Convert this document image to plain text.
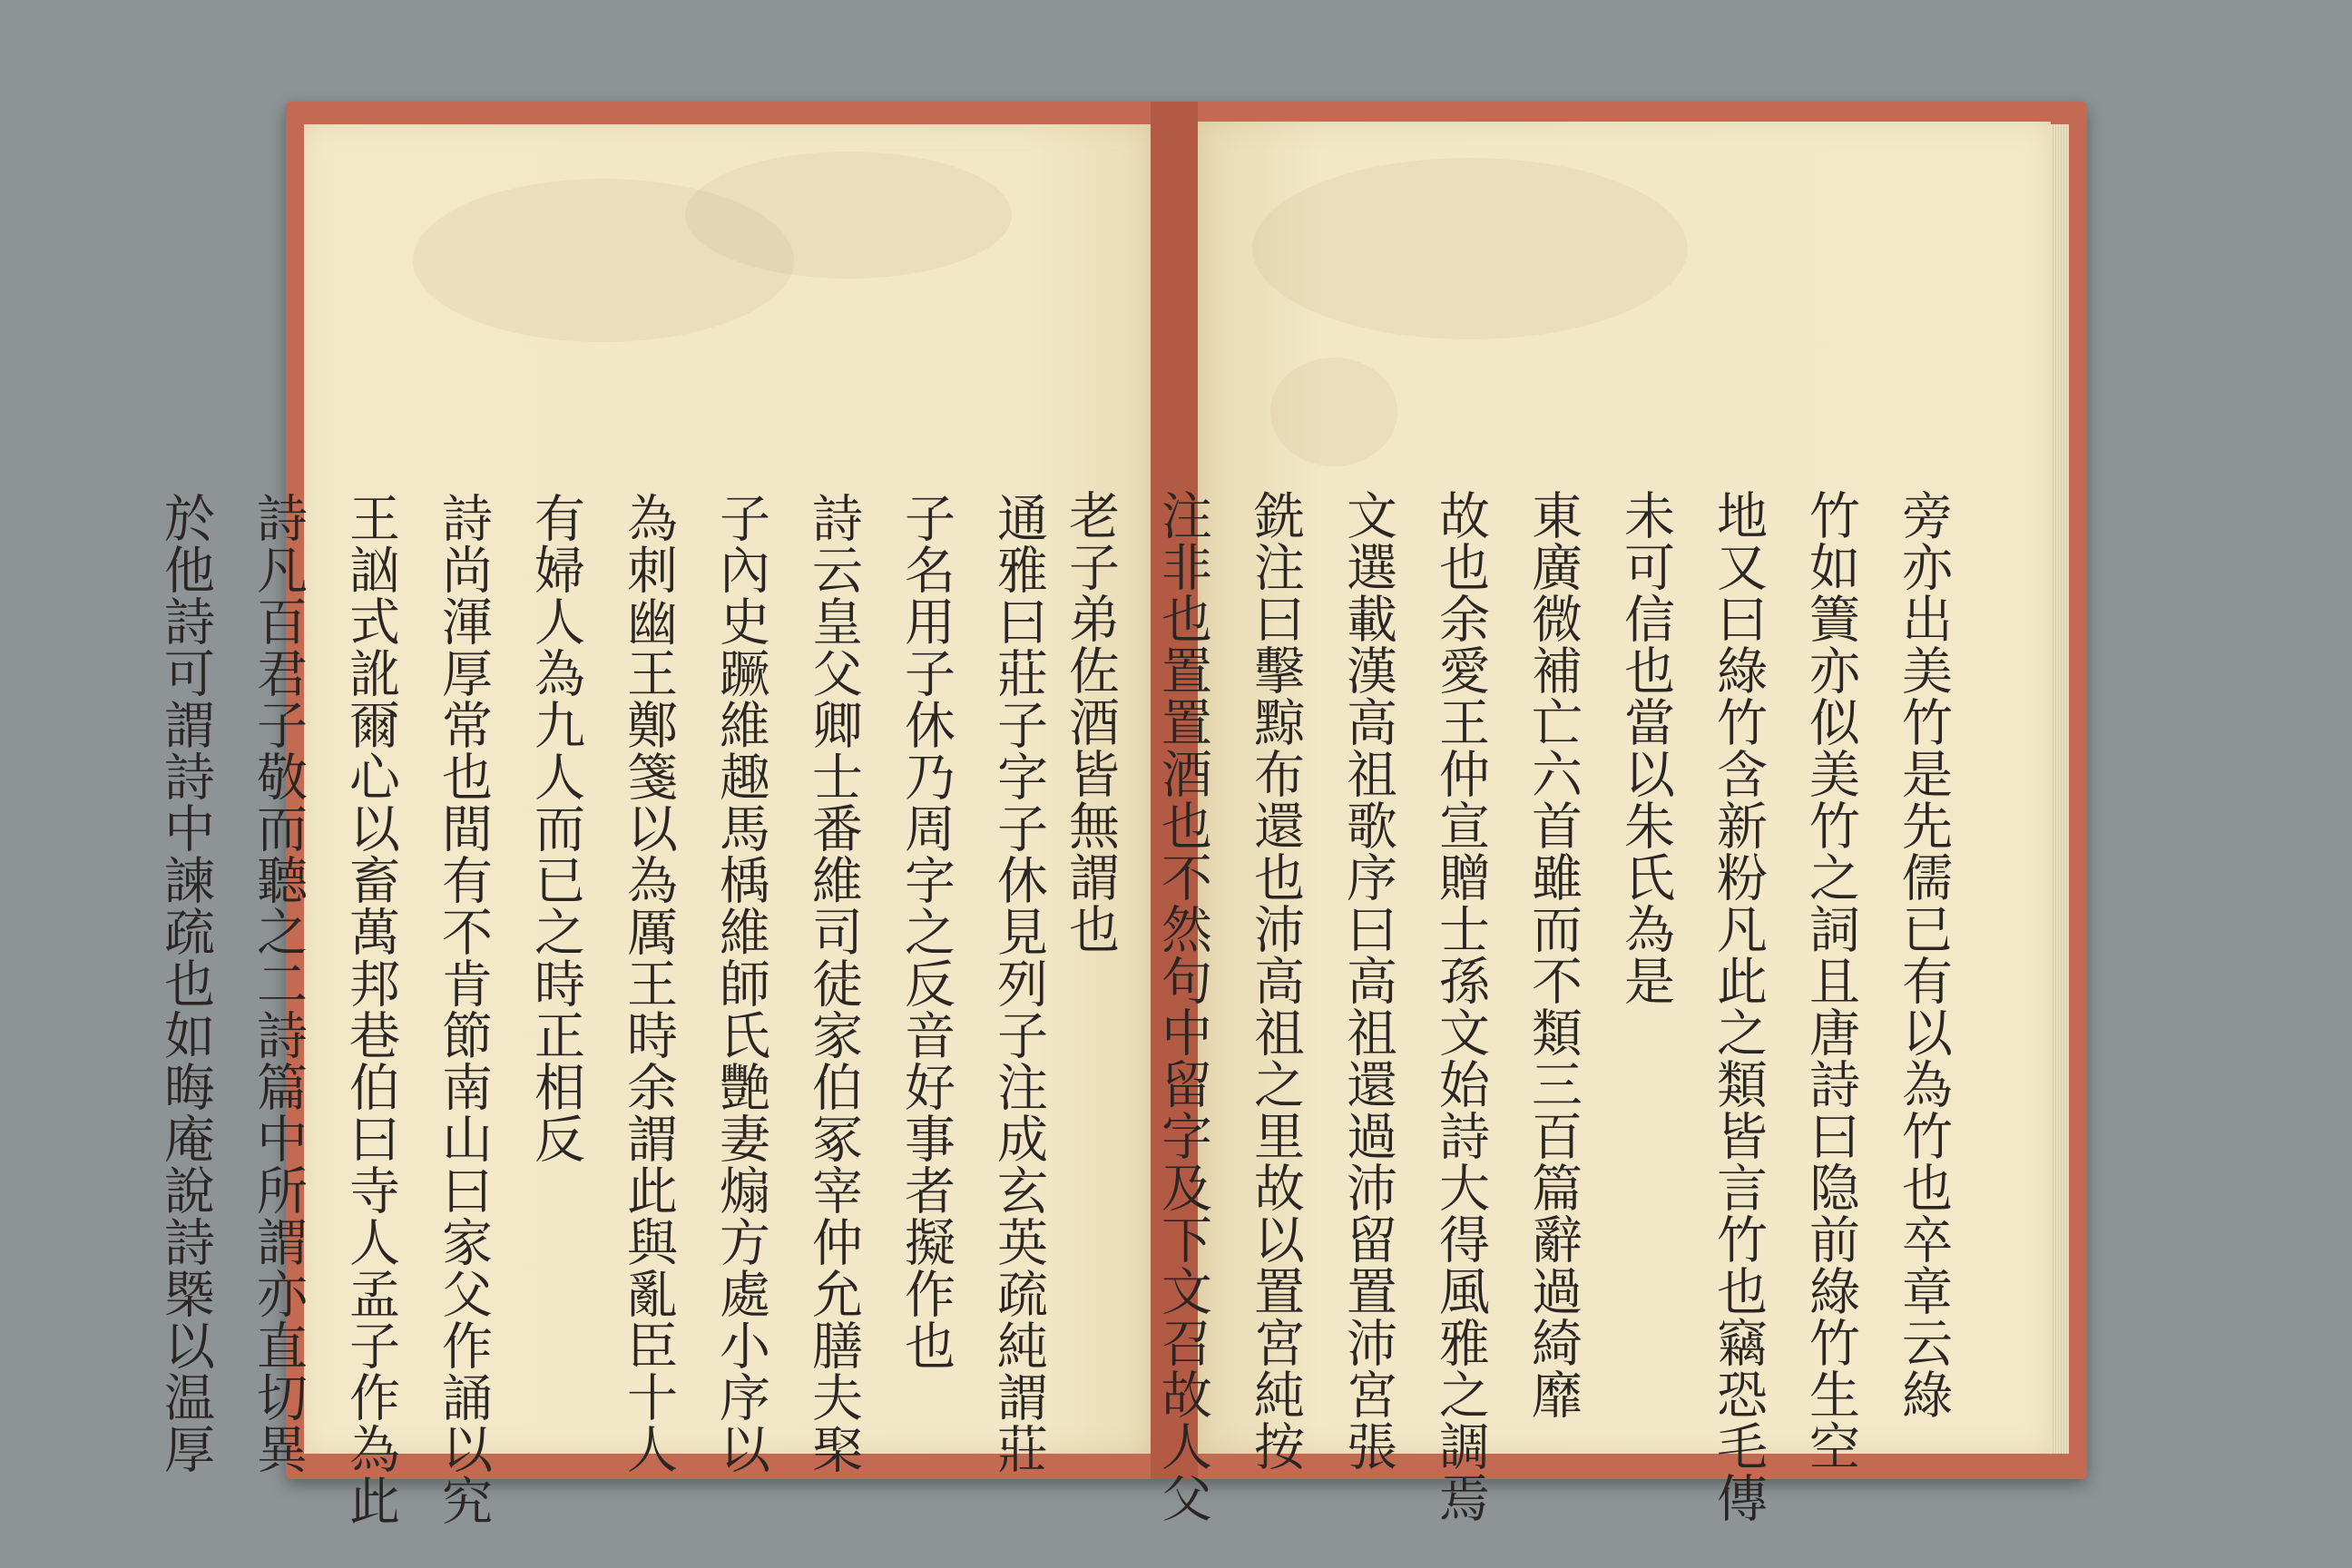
通雅曰莊子字子休見列子注成玄英疏純謂莊
子名用子休乃周字之反音好事者擬作也
詩云皇父卿士番維司徒家伯冢宰仲允膳夫棸
子內史蹶維趣馬楀維師氏艷妻煽方處小序以
為刺幽王鄭箋以為厲王時余謂此與亂臣十人
有婦人為九人而已之時正相反
詩尚渾厚常也間有不肯節南山曰家父作誦以究
王訩式訛爾心以畜萬邦巷伯曰寺人孟子作為此
詩凡百君子敬而聽之二詩篇中所謂亦直切異
於他詩可謂詩中諫疏也如晦庵說詩槩以温厚	旁亦出美竹是先儒已有以為竹也卒章云綠
竹如簀亦似美竹之詞且唐詩曰隐前綠竹生空
地又曰綠竹含新粉凡此之類皆言竹也竊恐毛傳
未可信也當以朱氏為是
東廣微補亡六首雖而不類三百篇辭過綺靡
故也余愛王仲宣贈士孫文始詩大得風雅之調焉
文選載漢高祖歌序曰高祖還過沛留置沛宮張
銑注曰擊黥布還也沛高祖之里故以置宮純按
注非也置置酒也不然句中留字及下文召故人父
老子弟佐酒皆無謂也
